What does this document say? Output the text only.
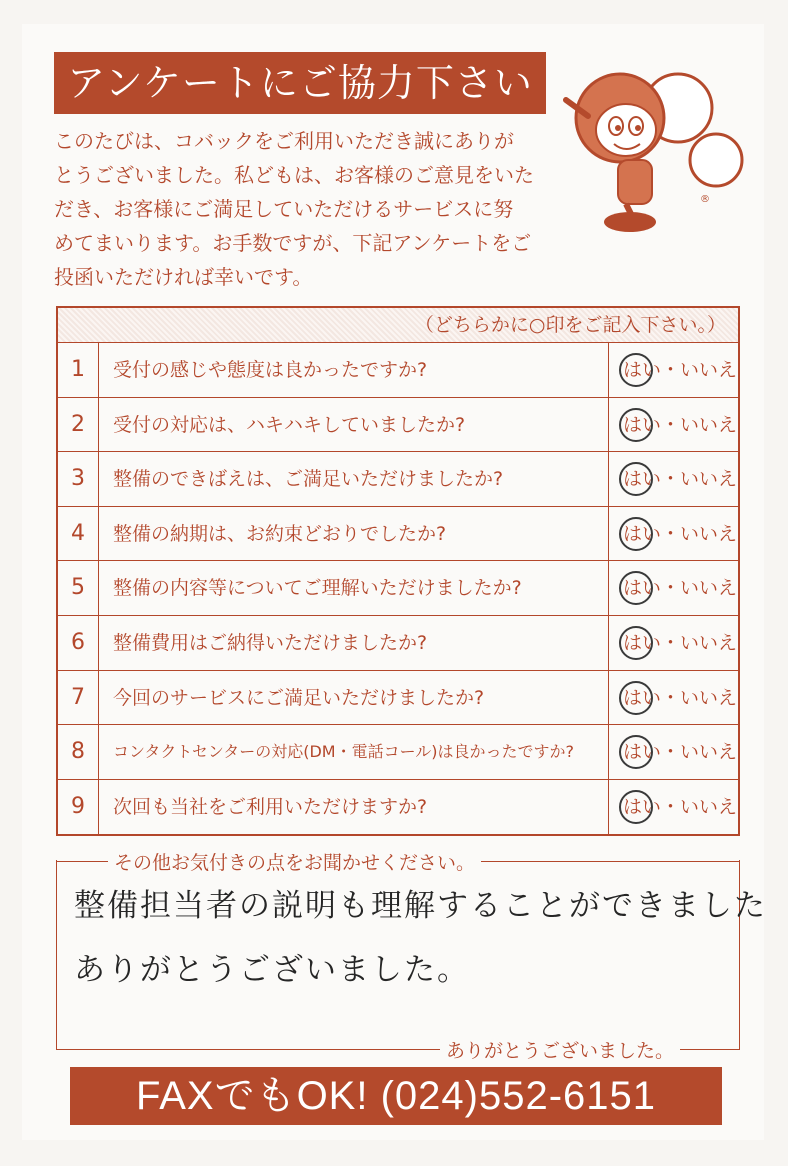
アンケートにご協力下さい
このたびは、コバックをご利用いただき誠にありが
とうございました。私どもは、お客様のご意見をいた
だき、お客様にご満足していただけるサービスに努
めてまいります。お手数ですが、下記アンケートをご
投函いただければ幸いです。
®
（どちらかに○印をご記入下さい。）
1	受付の感じや態度は良かったですか?	はい・いいえ
2	受付の対応は、ハキハキしていましたか?	はい・いいえ
3	整備のできばえは、ご満足いただけましたか?	はい・いいえ
4	整備の納期は、お約束どおりでしたか?	はい・いいえ
5	整備の内容等についてご理解いただけましたか?	はい・いいえ
6	整備費用はご納得いただけましたか?	はい・いいえ
7	今回のサービスにご満足いただけましたか?	はい・いいえ
8	コンタクトセンターの対応(DM・電話コール)は良かったですか?	はい・いいえ
9	次回も当社をご利用いただけますか?	はい・いいえ
その他お気付きの点をお聞かせください。
整備担当者の説明も理解することができました
ありがとうございました。
ありがとうございました。
FAXでもOK! (024)552-6151
